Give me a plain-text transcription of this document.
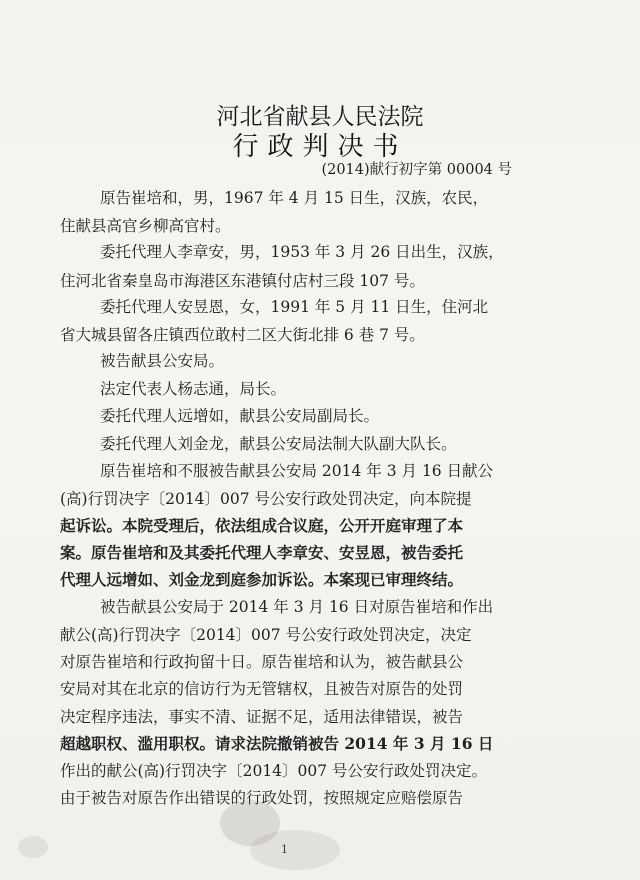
河北省献县人民法院
行政判决书
(2014)献行初字第 00004 号
原告崔培和，男，1967 年 4 月 15 日生，汉族，农民，
住献县高官乡柳高官村。
委托代理人李章安，男，1953 年 3 月 26 日出生，汉族，
住河北省秦皇岛市海港区东港镇付店村三段 107 号。
委托代理人安昱恩，女，1991 年 5 月 11 日生，住河北
省大城县留各庄镇西位敢村二区大街北排 6 巷 7 号。
被告献县公安局。
法定代表人杨志通，局长。
委托代理人远增如，献县公安局副局长。
委托代理人刘金龙，献县公安局法制大队副大队长。
原告崔培和不服被告献县公安局 2014 年 3 月 16 日献公
(高)行罚决字〔2014〕007 号公安行政处罚决定，向本院提
起诉讼。本院受理后，依法组成合议庭，公开开庭审理了本
案。原告崔培和及其委托代理人李章安、安昱恩，被告委托
代理人远增如、刘金龙到庭参加诉讼。本案现已审理终结。
被告献县公安局于 2014 年 3 月 16 日对原告崔培和作出
献公(高)行罚决字〔2014〕007 号公安行政处罚决定，决定
对原告崔培和行政拘留十日。原告崔培和认为，被告献县公
安局对其在北京的信访行为无管辖权，且被告对原告的处罚
决定程序违法，事实不清、证据不足，适用法律错误，被告
超越职权、滥用职权。请求法院撤销被告 2014 年 3 月 16 日
作出的献公(高)行罚决字〔2014〕007 号公安行政处罚决定。
由于被告对原告作出错误的行政处罚，按照规定应赔偿原告
1
